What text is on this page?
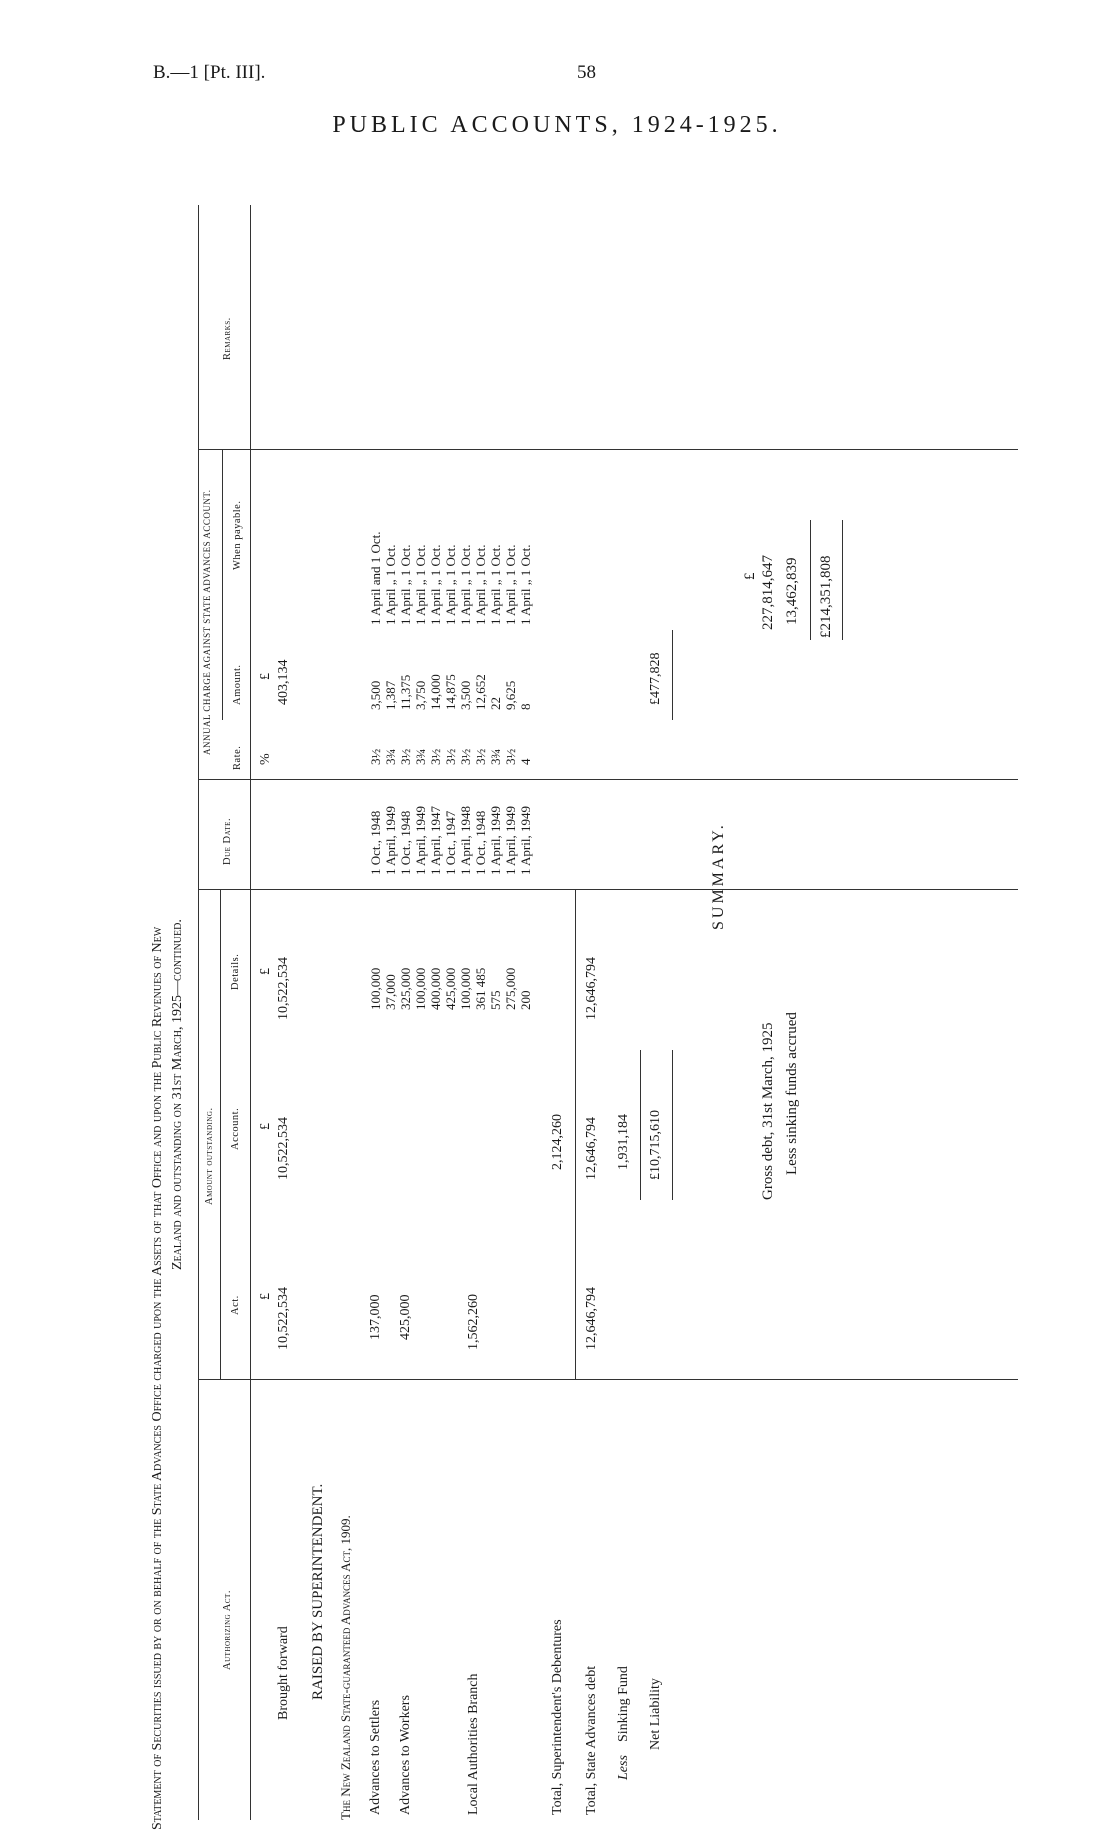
B.—1 [Pt. III].	58
PUBLIC ACCOUNTS, 1924-1925.
Statement of Securities issued by or on behalf of the State Advances Office charged upon the Assets of that Office and upon the Public Revenues of New Zealand and outstanding on 31st March, 1925—continued.
Authorizing Act.
Amount outstanding.
Act.
Account.
Details.
Due Date.
ANNUAL CHARGE AGAINST STATE ADVANCES ACCOUNT.
Rate.
Amount.
When payable.
Remarks.
£
£
£
%
£
Brought forward
10,522,534
10,522,534
10,522,534
403,134
RAISED BY SUPERINTENDENT. The New Zealand State-guaranteed Advances Act, 1909. Advances to Settlers
137,000
Advances to Workers
425,000
Local Authorities Branch
1,562,260
100,000 37,000 325,000 100,000 400,000 425,000 100,000 361 485 575 275,000 200
1 Oct., 1948 1 April, 1949 1 Oct., 1948 1 April, 1949 1 April, 1947 1 Oct., 1947 1 April, 1948 1 Oct., 1948 1 April, 1949 1 April, 1949 1 April, 1949
3½ 3¾ 3½ 3¾ 3½ 3½ 3½ 3½ 3¾ 3½ 4
3,500 1,387 11,375 3,750 14,000 14,875 3,500 12,652 22 9,625 8
1 April and 1 Oct. 1 April „ 1 Oct. 1 April „ 1 Oct. 1 April „ 1 Oct. 1 April „ 1 Oct. 1 April „ 1 Oct. 1 April „ 1 Oct. 1 April „ 1 Oct. 1 April „ 1 Oct. 1 April „ 1 Oct. 1 April „ 1 Oct.
Total, Superintendent's Debentures
2,124,260
Total, State Advances debt
12,646,794
12,646,794
12,646,794
Less
Sinking Fund
1,931,184
Net Liability
£10,715,610
£477,828
SUMMARY.
Gross debt, 31st March, 1925
£ 227,814,647
Less sinking funds accrued
13,462,839 £214,351,808
